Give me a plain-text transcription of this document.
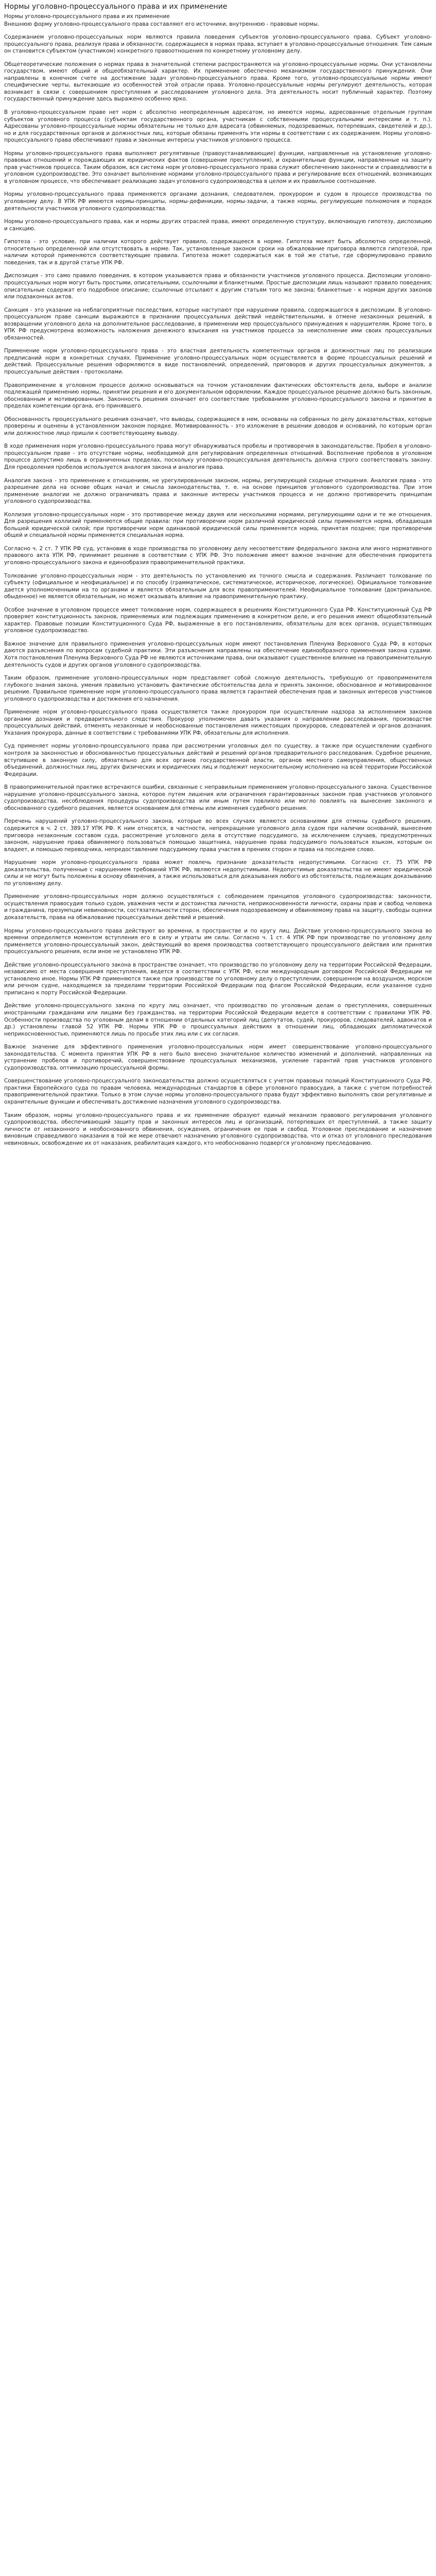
Нормы уголовно-процессуального права и их применение

Нормы уголовно-процессуального права и их применение

Внешнюю форму уголовно-процессуального права составляют его источники, внутреннюю - правовые нормы.

Содержанием уголовно-процессуальных норм являются правила поведения субъектов уголовно-процессуального права. Субъект уголовно-процессуального права, реализуя права и обязанности, содержащиеся в нормах права, вступает в уголовно-процессуальные отношения. Тем самым он становится субъектом (участником) конкретного правоотношения по конкретному уголовному делу.

Общетеоретические положения о нормах права в значительной степени распространяются на уголовно-процессуальные нормы. Они установлены государством, имеют общий и общеобязательный характер. Их применение обеспечено механизмом государственного принуждения. Они направлены в конечном счете на достижение задач уголовно-процессуального права. Кроме того, уголовно-процессуальные нормы имеют специфические черты, вытекающие из особенностей этой отрасли права. Уголовно-процессуальные нормы регулируют деятельность, которая возникает в связи с совершением преступления и расследованием уголовного дела. Эта деятельность носит публичный характер. Поэтому государственный принуждение здесь выражено особенно ярко.

В уголовно-процессуальном праве нет норм с абсолютно неопределенным адресатом, но имеются нормы, адресованные отдельным группам субъектов уголовного процесса (субъектам государственного органа, участникам с собственными процессуальными интересами и т. п.). Адресованы уголовно-процессуальные нормы обязательны не только для адресата (обвиняемых, подозреваемых, потерпевших, свидетелей и др.), но и для государственных органов и должностных лиц, которые обязаны применять эти нормы в соответствии с их содержанием. Нормы уголовно-процессуального права обеспечивают права и законные интересы участников уголовного процесса.

Нормы уголовно-процессуального права выполняют регулятивные (правоустанавливающие) функции, направленные на установление уголовно-правовых отношений и порождающих их юридических фактов (совершение преступления), и охранительные функции, направленные на защиту прав участников процесса. Таким образом, вся система норм уголовно-процессуального права служит обеспечению законности и справедливости в уголовном судопроизводстве. Это означает выполнение нормами уголовно-процессуального права и регулирование всех отношений, возникающих в уголовном процессе, что обеспечивает реализацию задач уголовного судопроизводства в целом и их правильное соотношение.

Нормы уголовно-процессуального права применяются органами дознания, следователем, прокурором и судом в процессе производства по уголовному делу. В УПК РФ имеются нормы-принципы, нормы-дефиниции, нормы-задачи, а также нормы, регулирующие полномочия и порядок деятельности участников уголовного судопроизводства.

Нормы уголовно-процессуального права, как и нормы других отраслей права, имеют определенную структуру, включающую гипотезу, диспозицию и санкцию.

Гипотеза - это условие, при наличии которого действует правило, содержащееся в норме. Гипотеза может быть абсолютно определенной, относительно определенной или отсутствовать в норме. Так, установленные законом сроки на обжалование приговора являются гипотезой, при наличии которой применяются соответствующие правила. Гипотеза может содержаться как в той же статье, где сформулировано правило поведения, так и в другой статье УПК РФ.

Диспозиция - это само правило поведения, в котором указываются права и обязанности участников уголовного процесса. Диспозиции уголовно-процессуальных норм могут быть простыми, описательными, ссылочными и бланкетными. Простые диспозиции лишь называют правило поведения; описательные содержат его подробное описание; ссылочные отсылают к другим статьям того же закона; бланкетные - к нормам других законов или подзаконных актов.

Санкция - это указание на неблагоприятные последствия, которые наступают при нарушении правила, содержащегося в диспозиции. В уголовно-процессуальном праве санкции выражаются в признании процессуальных действий недействительными, в отмене незаконных решений, в возвращении уголовного дела на дополнительное расследование, в применении мер процессуального принуждения к нарушителям. Кроме того, в УПК РФ предусмотрена возможность наложения денежного взыскания на участников процесса за неисполнение ими своих процессуальных обязанностей.

Применение норм уголовно-процессуального права - это властная деятельность компетентных органов и должностных лиц по реализации предписаний норм в конкретных случаях. Применение уголовно-процессуальных норм осуществляется в форме процессуальных решений и действий. Процессуальные решения оформляются в виде постановлений, определений, приговоров и других процессуальных документов, а процессуальные действия - протоколами.

Правоприменение в уголовном процессе должно основываться на точном установлении фактических обстоятельств дела, выборе и анализе подлежащей применению нормы, принятии решения и его документальном оформлении. Каждое процессуальное решение должно быть законным, обоснованным и мотивированным. Законность решения означает его соответствие требованиям уголовно-процессуального закона и принятие в пределах компетенции органа, его принявшего.

Обоснованность процессуального решения означает, что выводы, содержащиеся в нем, основаны на собранных по делу доказательствах, которые проверены и оценены в установленном законом порядке. Мотивированность - это изложение в решении доводов и оснований, по которым орган или должностное лицо пришли к соответствующему выводу.

В ходе применения норм уголовно-процессуального права могут обнаруживаться пробелы и противоречия в законодательстве. Пробел в уголовно-процессуальном праве - это отсутствие нормы, необходимой для регулирования определенных отношений. Восполнение пробелов в уголовном процессе допустимо лишь в ограниченных пределах, поскольку уголовно-процессуальная деятельность должна строго соответствовать закону. Для преодоления пробелов используется аналогия закона и аналогия права.

Аналогия закона - это применение к отношениям, не урегулированным законом, нормы, регулирующей сходные отношения. Аналогия права - это разрешение дела на основе общих начал и смысла законодательства, т. е. на основе принципов уголовного судопроизводства. При этом применение аналогии не должно ограничивать права и законные интересы участников процесса и не должно противоречить принципам уголовного судопроизводства.

Коллизия уголовно-процессуальных норм - это противоречие между двумя или несколькими нормами, регулирующими одни и те же отношения. Для разрешения коллизий применяются общие правила: при противоречии норм различной юридической силы применяется норма, обладающая большей юридической силой; при противоречии норм одинаковой юридической силы применяется норма, принятая позднее; при противоречии общей и специальной нормы применяется специальная норма.

Согласно ч. 2 ст. 7 УПК РФ суд, установив в ходе производства по уголовному делу несоответствие федерального закона или иного нормативного правового акта УПК РФ, принимает решение в соответствии с УПК РФ. Это положение имеет важное значение для обеспечения приоритета уголовно-процессуального закона и единообразия правоприменительной практики.

Толкование уголовно-процессуальных норм - это деятельность по установлению их точного смысла и содержания. Различают толкование по субъекту (официальное и неофициальное) и по способу (грамматическое, систематическое, историческое, логическое). Официальное толкование дается уполномоченными на то органами и является обязательным для всех правоприменителей. Неофициальное толкование (доктринальное, обыденное) не является обязательным, но может оказывать влияние на правоприменительную практику.

Особое значение в уголовном процессе имеет толкование норм, содержащееся в решениях Конституционного Суда РФ. Конституционный Суд РФ проверяет конституционность законов, применяемых или подлежащих применению в конкретном деле, и его решения имеют общеобязательный характер. Правовые позиции Конституционного Суда РФ, выраженные в его постановлениях, обязательны для всех органов, осуществляющих уголовное судопроизводство.

Важное значение для правильного применения уголовно-процессуальных норм имеют постановления Пленума Верховного Суда РФ, в которых даются разъяснения по вопросам судебной практики. Эти разъяснения направлены на обеспечение единообразного применения закона судами. Хотя постановления Пленума Верховного Суда РФ не являются источниками права, они оказывают существенное влияние на правоприменительную деятельность судов и других органов уголовного судопроизводства.

Таким образом, применение уголовно-процессуальных норм представляет собой сложную деятельность, требующую от правоприменителя глубокого знания закона, умения правильно установить фактические обстоятельства дела и принять законное, обоснованное и мотивированное решение. Правильное применение норм уголовно-процессуального права является гарантией обеспечения прав и законных интересов участников уголовного судопроизводства и достижения его назначения.

Применение норм уголовно-процессуального права осуществляется также прокурором при осуществлении надзора за исполнением законов органами дознания и предварительного следствия. Прокурор уполномочен давать указания о направлении расследования, производстве процессуальных действий, отменять незаконные и необоснованные постановления нижестоящих прокуроров, следователей и органов дознания. Указания прокурора, данные в соответствии с требованиями УПК РФ, обязательны для исполнения.

Суд применяет нормы уголовно-процессуального права при рассмотрении уголовных дел по существу, а также при осуществлении судебного контроля за законностью и обоснованностью процессуальных действий и решений органов предварительного расследования. Судебное решение, вступившее в законную силу, обязательно для всех органов государственной власти, органов местного самоуправления, общественных объединений, должностных лиц, других физических и юридических лиц и подлежит неукоснительному исполнению на всей территории Российской Федерации.

В правоприменительной практике встречаются ошибки, связанные с неправильным применением уголовно-процессуального закона. Существенное нарушение уголовно-процессуального закона, которое путем лишения или ограничения гарантированных законом прав участников уголовного судопроизводства, несоблюдения процедуры судопроизводства или иным путем повлияло или могло повлиять на вынесение законного и обоснованного судебного решения, является основанием для отмены или изменения судебного решения.

Перечень нарушений уголовно-процессуального закона, которые во всех случаях являются основаниями для отмены судебного решения, содержится в ч. 2 ст. 389.17 УПК РФ. К ним относятся, в частности, непрекращение уголовного дела судом при наличии оснований, вынесение приговора незаконным составом суда, рассмотрение уголовного дела в отсутствие подсудимого, за исключением случаев, предусмотренных законом, нарушение права обвиняемого пользоваться помощью защитника, нарушение права подсудимого пользоваться языком, которым он владеет, и помощью переводчика, непредоставление подсудимому права участия в прениях сторон и права на последнее слово.

Нарушение норм уголовно-процессуального права может повлечь признание доказательств недопустимыми. Согласно ст. 75 УПК РФ доказательства, полученные с нарушением требований УПК РФ, являются недопустимыми. Недопустимые доказательства не имеют юридической силы и не могут быть положены в основу обвинения, а также использоваться для доказывания любого из обстоятельств, подлежащих доказыванию по уголовному делу.

Применение уголовно-процессуальных норм должно осуществляться с соблюдением принципов уголовного судопроизводства: законности, осуществления правосудия только судом, уважения чести и достоинства личности, неприкосновенности личности, охраны прав и свобод человека и гражданина, презумпции невиновности, состязательности сторон, обеспечения подозреваемому и обвиняемому права на защиту, свободы оценки доказательств, права на обжалование процессуальных действий и решений.

Нормы уголовно-процессуального права действуют во времени, в пространстве и по кругу лиц. Действие уголовно-процессуального закона во времени определяется моментом вступления его в силу и утраты им силы. Согласно ч. 1 ст. 4 УПК РФ при производстве по уголовному делу применяется уголовно-процессуальный закон, действующий во время производства соответствующего процессуального действия или принятия процессуального решения, если иное не установлено УПК РФ.

Действие уголовно-процессуального закона в пространстве означает, что производство по уголовному делу на территории Российской Федерации, независимо от места совершения преступления, ведется в соответствии с УПК РФ, если международным договором Российской Федерации не установлено иное. Нормы УПК РФ применяются также при производстве по уголовному делу о преступлении, совершенном на воздушном, морском или речном судне, находящемся за пределами территории Российской Федерации под флагом Российской Федерации, если указанное судно приписано к порту Российской Федерации.

Действие уголовно-процессуального закона по кругу лиц означает, что производство по уголовным делам о преступлениях, совершенных иностранными гражданами или лицами без гражданства, на территории Российской Федерации ведется в соответствии с правилами УПК РФ. Особенности производства по уголовным делам в отношении отдельных категорий лиц (депутатов, судей, прокуроров, следователей, адвокатов и др.) установлены главой 52 УПК РФ. Нормы УПК РФ о процессуальных действиях в отношении лиц, обладающих дипломатической неприкосновенностью, применяются лишь по просьбе этих лиц или с их согласия.

Важное значение для эффективного применения уголовно-процессуальных норм имеет совершенствование уголовно-процессуального законодательства. С момента принятия УПК РФ в него было внесено значительное количество изменений и дополнений, направленных на устранение пробелов и противоречий, совершенствование процессуальных механизмов, усиление гарантий прав участников уголовного судопроизводства, оптимизацию процессуальной формы.

Совершенствование уголовно-процессуального законодательства должно осуществляться с учетом правовых позиций Конституционного Суда РФ, практики Европейского суда по правам человека, международных стандартов в сфере уголовного правосудия, а также с учетом потребностей правоприменительной практики. Только в этом случае нормы уголовно-процессуального права будут эффективно выполнять свои регулятивные и охранительные функции и обеспечивать достижение назначения уголовного судопроизводства.

Таким образом, нормы уголовно-процессуального права и их применение образуют единый механизм правового регулирования уголовного судопроизводства, обеспечивающий защиту прав и законных интересов лиц и организаций, потерпевших от преступлений, а также защиту личности от незаконного и необоснованного обвинения, осуждения, ограничения ее прав и свобод. Уголовное преследование и назначение виновным справедливого наказания в той же мере отвечают назначению уголовного судопроизводства, что и отказ от уголовного преследования невиновных, освобождение их от наказания, реабилитация каждого, кто необоснованно подвергся уголовному преследованию.
